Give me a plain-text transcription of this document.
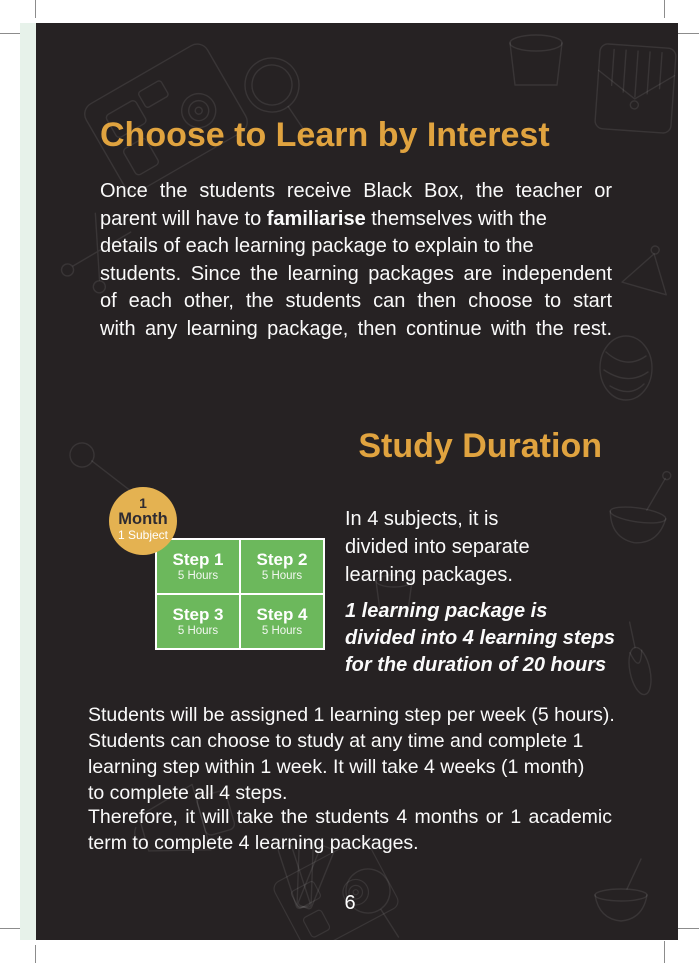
Choose to Learn by Interest
Once the students receive Black Box, the teacher or
parent will have to familiarise themselves with the
details of each learning package to explain to the
students. Since the learning packages are independent
of each other, the students can then choose to start
with any learning package, then continue with the rest.
Study Duration
Step 1
5 Hours
Step 2
5 Hours
Step 3
5 Hours
Step 4
5 Hours
1
Month
1 Subject
In 4 subjects, it is
divided into separate
learning packages.
1 learning package is
divided into 4 learning steps
for the duration of 20 hours
Students will be assigned 1 learning step per week (5 hours).
Students can choose to study at any time and complete 1
learning step within 1 week. It will take 4 weeks (1 month)
to complete all 4 steps.
Therefore, it will take the students 4 months or 1 academic
term to complete 4 learning packages.
6
